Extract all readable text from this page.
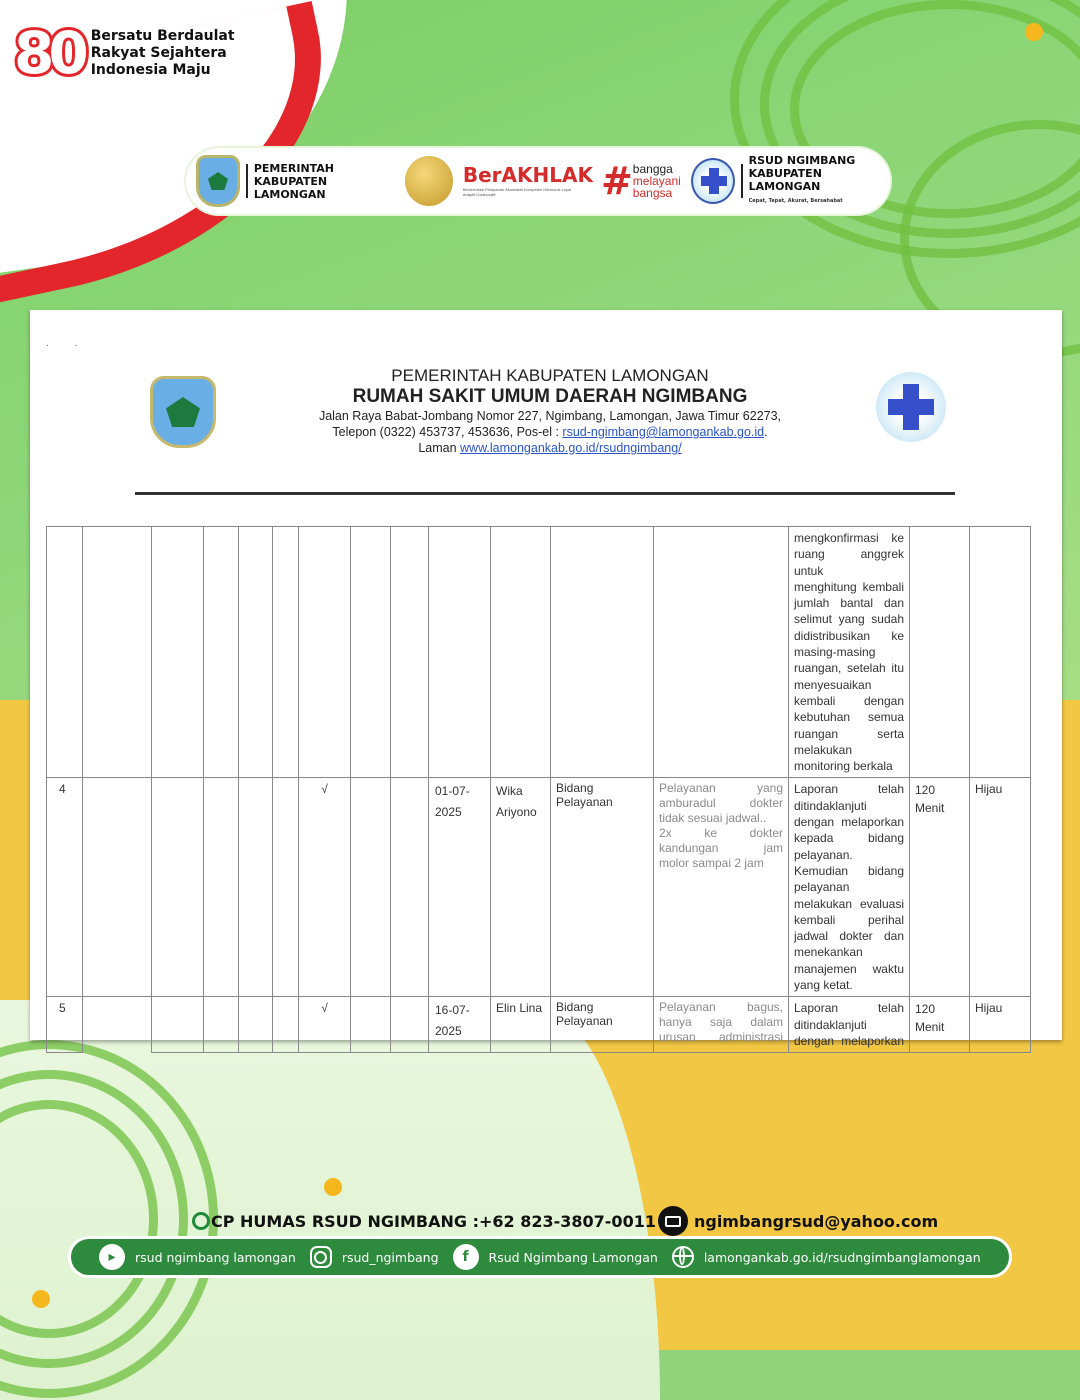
80 Bersatu Berdaulat
Rakyat Sejahtera
Indonesia Maju
PEMERINTAH
KABUPATEN LAMONGAN
BerAKHLAK
Berorientasi Pelayanan Akuntabel Kompeten Harmonis Loyal Adaptif Kolaboratif	# bangga
melayani
bangsa
RSUD NGIMBANG
KABUPATEN LAMONGAN
Cepat, Tepat, Akurat, Bersahabat
..
PEMERINTAH KABUPATEN LAMONGAN
RUMAH SAKIT UMUM DAERAH NGIMBANG
Jalan Raya Babat-Jombang Nomor 227, Ngimbang, Lamongan, Jawa Timur 62273,
Telepon (0322) 453737, 453636, Pos-el : rsud-ngimbang@lamongankab.go.id.
Laman www.lamongankab.go.id/rsudngimbang/

mengkonfirmasi ke
ruang anggrek untuk
menghitung kembali
jumlah bantal dan
selimut yang sudah
didistribusikan ke
masing-masing
ruangan, setelah itu
menyesuaikan
kembali dengan
kebutuhan semua
ruangan serta
melakukan
monitoring berkala

4						√			01-07-
2025

Wika
Ariyono

Bidang
Pelayanan

Pelayanan yang
amburadul dokter
tidak sesuai jadwal..
2x ke dokter
kandungan jam
molor sampai 2 jam

Laporan telah
ditindaklanjuti
dengan melaporkan
kepada bidang
pelayanan.
Kemudian bidang
pelayanan
melakukan evaluasi
kembali perihal
jadwal dokter dan
menekankan
manajemen waktu
yang ketat.

120
Menit
	Hijau
5						√			16-07-
2025
	Elin Lina	Bidang
Pelayanan

Pelayanan bagus,
hanya saja dalam
urusan administrasi

Laporan telah
ditindaklanjuti
dengan melaporkan

120
Menit
	Hijau
CP HUMAS RSUD NGIMBANG :+62 823-3807-0011 ngimbangrsud@yahoo.com
▸	rsud ngimbang lamongan	rsud_ngimbang	f	Rsud Ngimbang Lamongan	lamongankab.go.id/rsudngimbanglamongan
